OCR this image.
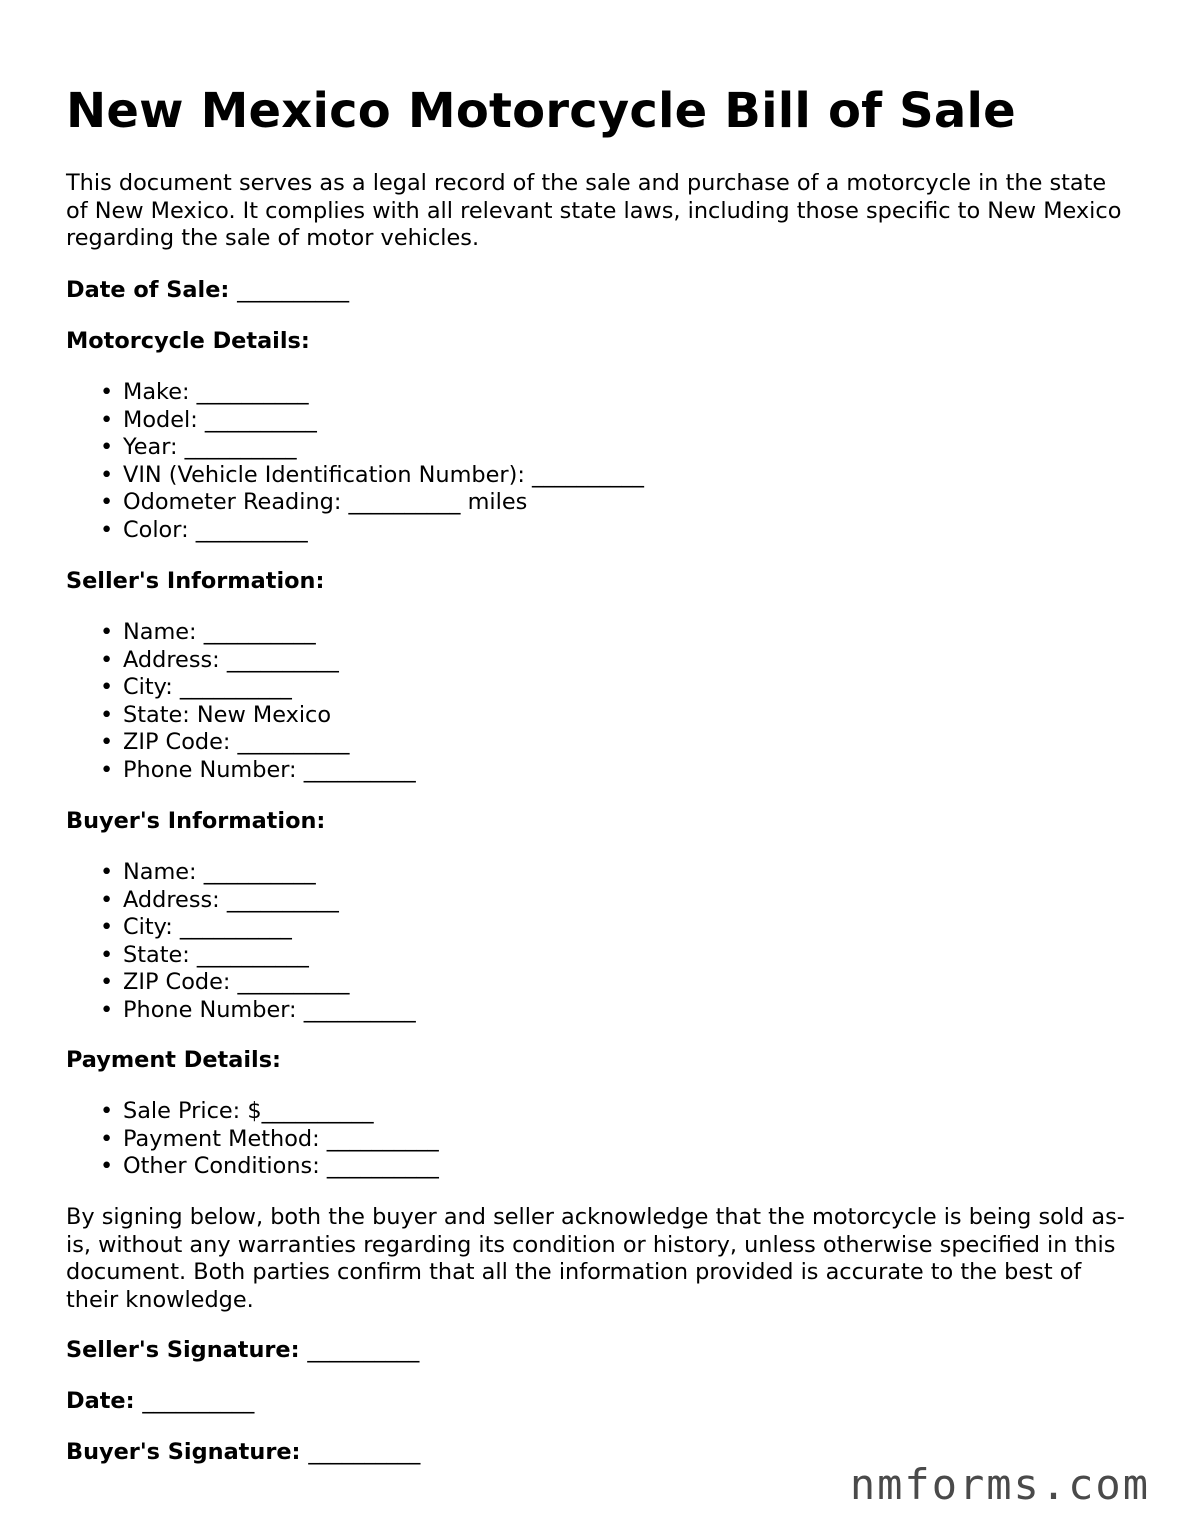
New Mexico Motorcycle Bill of Sale

This document serves as a legal record of the sale and purchase of a motorcycle in the state of New Mexico. It complies with all relevant state laws, including those specific to New Mexico regarding the sale of motor vehicles.

Date of Sale: __________

Motorcycle Details:

• Make: __________
• Model: __________
• Year: __________
• VIN (Vehicle Identification Number): __________
• Odometer Reading: __________ miles
• Color: __________

Seller's Information:

• Name: __________
• Address: __________
• City: __________
• State: New Mexico
• ZIP Code: __________
• Phone Number: __________

Buyer's Information:

• Name: __________
• Address: __________
• City: __________
• State: __________
• ZIP Code: __________
• Phone Number: __________

Payment Details:

• Sale Price: $__________
• Payment Method: __________
• Other Conditions: __________

By signing below, both the buyer and seller acknowledge that the motorcycle is being sold as-is, without any warranties regarding its condition or history, unless otherwise specified in this document. Both parties confirm that all the information provided is accurate to the best of their knowledge.

Seller's Signature: __________

Date: __________

Buyer's Signature: __________

nmforms.com
